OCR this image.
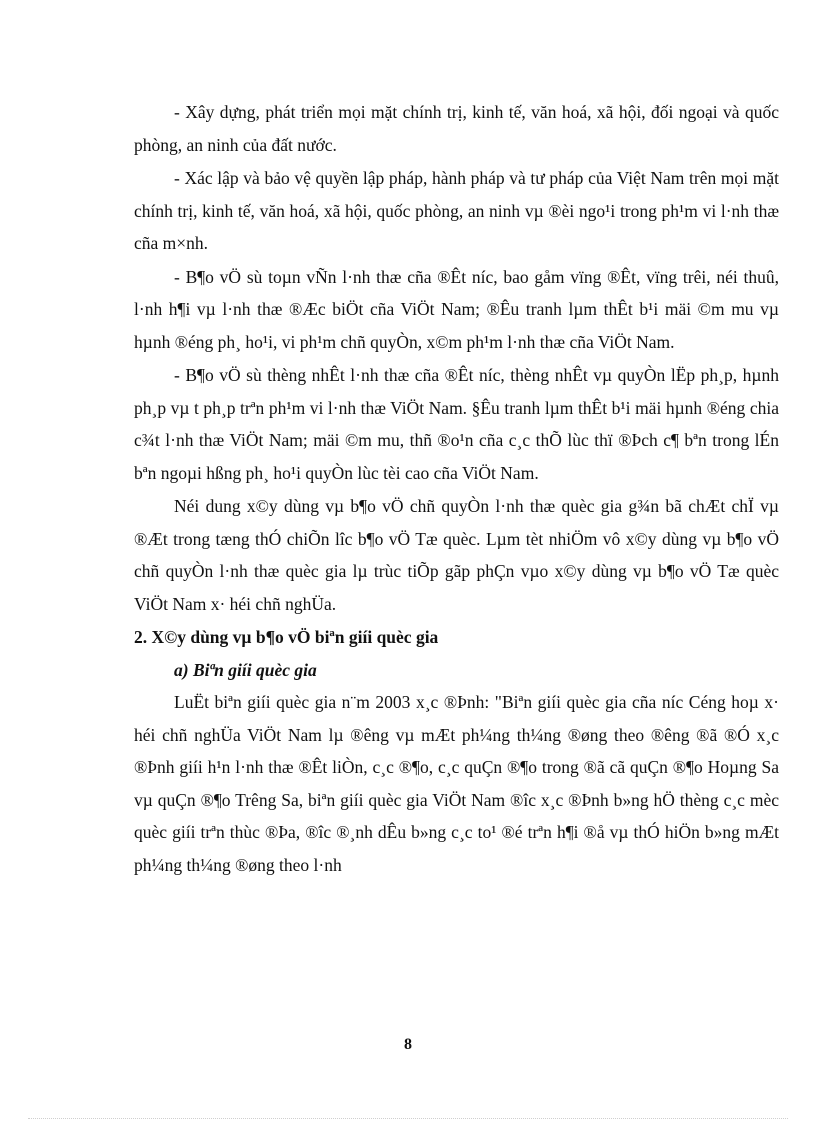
- Xây dựng, phát triển mọi mặt chính trị, kinh tế, văn hoá, xã hội, đối ngoại và quốc phòng, an ninh của đất nước.

- Xác lập và bảo vệ quyền lập pháp, hành pháp và tư pháp của Việt Nam trên mọi mặt chính trị, kinh tế, văn hoá, xã hội, quốc phòng, an ninh vµ ®èi ngo¹i trong ph¹m vi l·nh thæ cña m×nh.

- B¶o vÖ sù toµn vÑn l·nh thæ cña ®Êt níc, bao gåm vïng ®Êt, vïng trêi, néi thuû, l·nh h¶i vµ l·nh thæ ®Æc biÖt cña ViÖt Nam; ®Êu tranh lµm thÊt b¹i mäi ©m mu vµ hµnh ®éng ph¸ ho¹i, vi ph¹m chñ quyÒn, x©m ph¹m l·nh thæ cña ViÖt Nam.

- B¶o vÖ sù thèng nhÊt l·nh thæ cña ®Êt níc, thèng nhÊt vµ quyÒn lËp ph¸p, hµnh ph¸p vµ t ph¸p trªn ph¹m vi l·nh thæ ViÖt Nam. §Êu tranh lµm thÊt b¹i mäi hµnh ®éng chia c¾t l·nh thæ ViÖt Nam; mäi ©m mu, thñ ®o¹n cña c¸c thÕ lùc thï ®Þch c¶ bªn trong lÉn bªn ngoµi hßng ph¸ ho¹i quyÒn lùc tèi cao cña ViÖt Nam.

Néi dung x©y dùng vµ b¶o vÖ chñ quyÒn l·nh thæ quèc gia g¾n bã chÆt chÏ vµ ®Æt trong tæng thÓ chiÕn lîc b¶o vÖ Tæ quèc. Lµm tèt nhiÖm vô x©y dùng vµ b¶o vÖ chñ quyÒn l·nh thæ quèc gia lµ trùc tiÕp gãp phÇn vµo x©y dùng vµ b¶o vÖ Tæ quèc ViÖt Nam x· héi chñ nghÜa.

2. X©y dùng vµ b¶o vÖ biªn giíi quèc gia

a) Biªn giíi quèc gia

LuËt biªn giíi quèc gia n¨m 2003 x¸c ®Þnh: "Biªn giíi quèc gia cña níc Céng hoµ x· héi chñ nghÜa ViÖt Nam lµ ®êng vµ mÆt ph¼ng th¼ng ®øng theo ®êng ®ã ®Ó x¸c ®Þnh giíi h¹n l·nh thæ ®Êt liÒn, c¸c ®¶o, c¸c quÇn ®¶o trong ®ã cã quÇn ®¶o Hoµng Sa vµ quÇn ®¶o Trêng Sa, biªn giíi quèc gia ViÖt Nam ®îc x¸c ®Þnh b»ng hÖ thèng c¸c mèc quèc giíi trªn thùc ®Þa, ®îc ®¸nh dÊu b»ng c¸c to¹ ®é trªn h¶i ®å vµ thÓ hiÖn b»ng mÆt ph¼ng th¼ng ®øng theo l·nh

8
